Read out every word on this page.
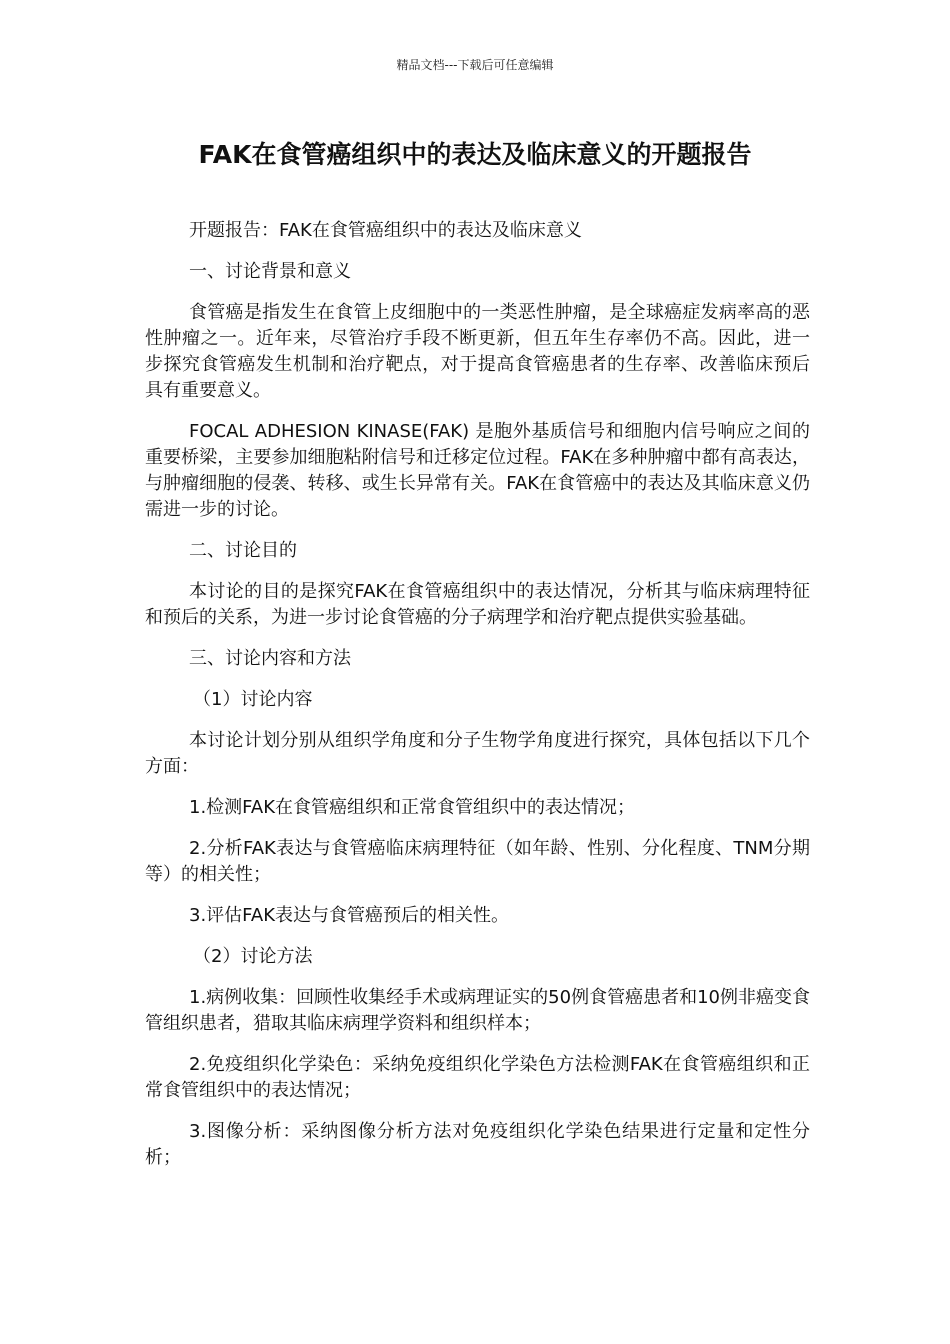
精品文档---下载后可任意编辑
FAK在食管癌组织中的表达及临床意义的开题报告

开题报告：FAK在食管癌组织中的表达及临床意义

一、讨论背景和意义

食管癌是指发生在食管上皮细胞中的一类恶性肿瘤，是全球癌症发病率高的恶性肿瘤之一。近年来，尽管治疗手段不断更新，但五年生存率仍不高。因此，进一步探究食管癌发生机制和治疗靶点，对于提高食管癌患者的生存率、改善临床预后具有重要意义。

FOCAL ADHESION KINASE(FAK) 是胞外基质信号和细胞内信号响应之间的重要桥梁，主要参加细胞粘附信号和迁移定位过程。FAK在多种肿瘤中都有高表达，与肿瘤细胞的侵袭、转移、或生长异常有关。FAK在食管癌中的表达及其临床意义仍需进一步的讨论。

二、讨论目的

本讨论的目的是探究FAK在食管癌组织中的表达情况，分析其与临床病理特征和预后的关系，为进一步讨论食管癌的分子病理学和治疗靶点提供实验基础。

三、讨论内容和方法

（1）讨论内容

本讨论计划分别从组织学角度和分子生物学角度进行探究，具体包括以下几个方面：

1.检测FAK在食管癌组织和正常食管组织中的表达情况；

2.分析FAK表达与食管癌临床病理特征（如年龄、性别、分化程度、TNM分期等）的相关性；

3.评估FAK表达与食管癌预后的相关性。

（2）讨论方法

1.病例收集：回顾性收集经手术或病理证实的50例食管癌患者和10例非癌变食管组织患者，猎取其临床病理学资料和组织样本；

2.免疫组织化学染色：采纳免疫组织化学染色方法检测FAK在食管癌组织和正常食管组织中的表达情况；

3.图像分析：采纳图像分析方法对免疫组织化学染色结果进行定量和定性分析；
